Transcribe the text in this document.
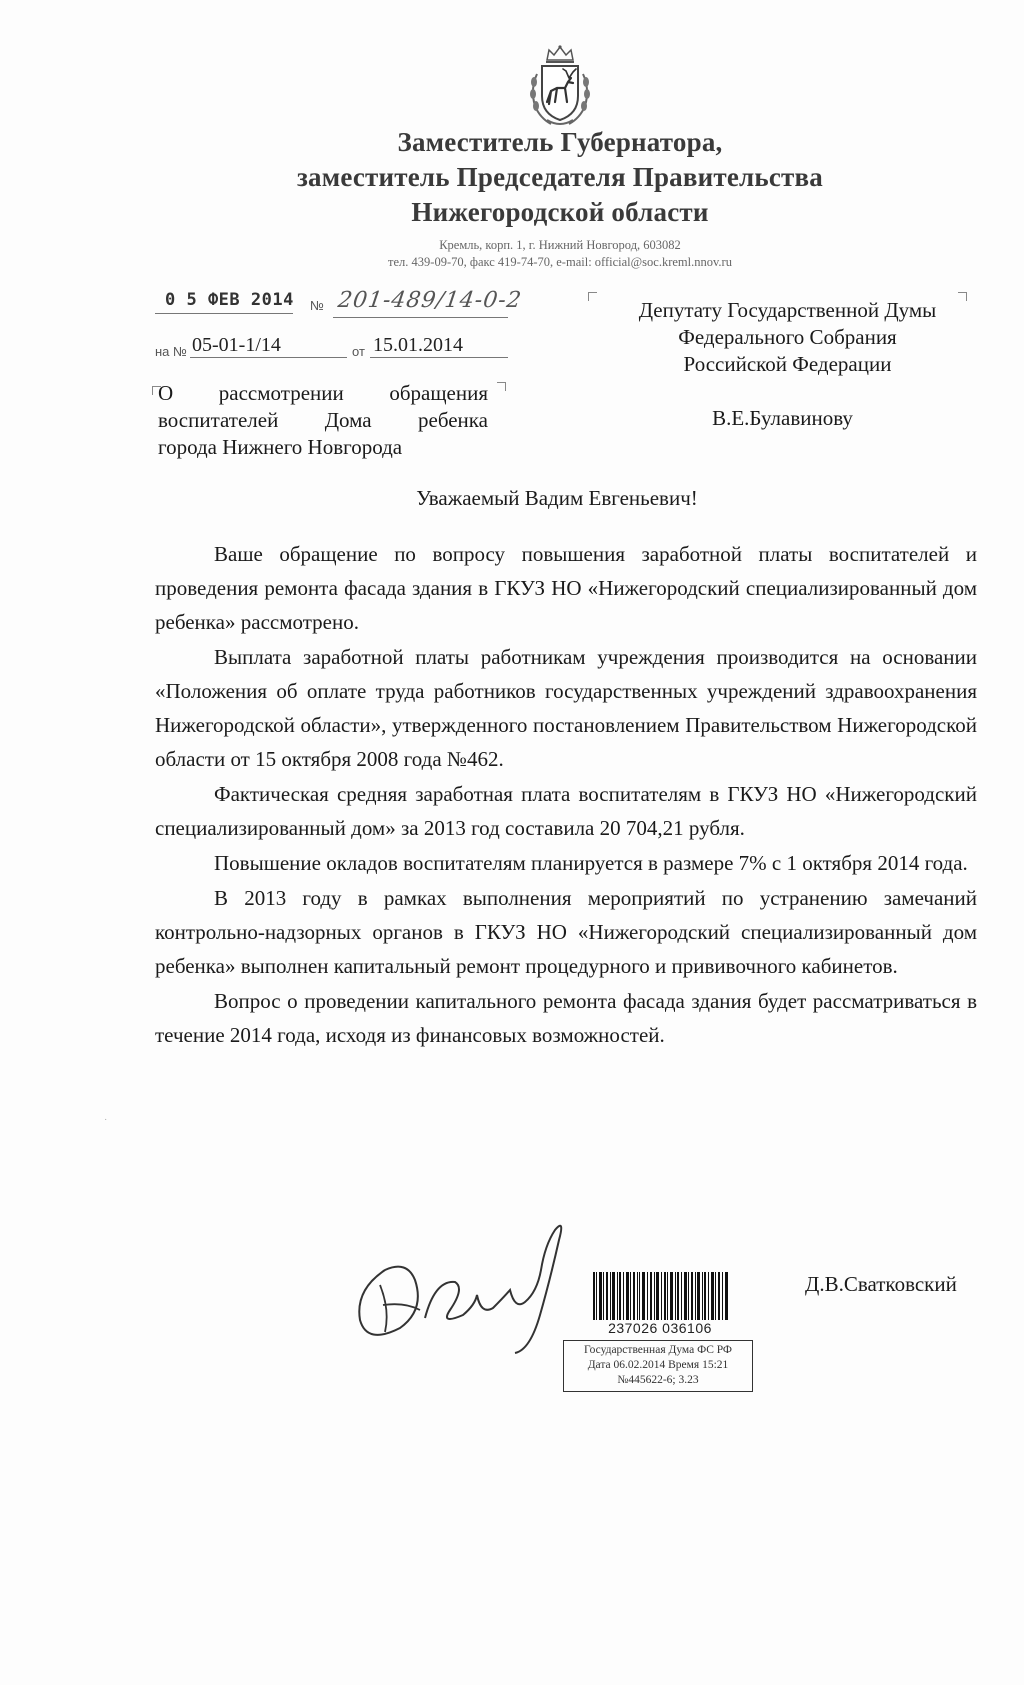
Заместитель Губернатора,
заместитель Председателя Правительства
Нижегородской области
Кремль, корп. 1, г. Нижний Новгород, 603082
тел. 439-09-70, факс 419-74-70, e-mail: official@soc.kreml.nnov.ru
0 5 ФЕВ 2014 № 201-489/14-0-2
на № 05-01-1/14	от 15.01.2014
Депутату Государственной Думы
Федерального Собрания
Российской Федерации
В.Е.Булавинову
О рассмотрении обращения
воспитателей Дома ребенка
города Нижнего Новгорода
Уважаемый Вадим Евгеньевич!

Ваше обращение по вопросу повышения заработной платы воспитателей и проведения ремонта фасада здания в ГКУЗ НО «Нижегородский специализированный дом ребенка» рассмотрено.

Выплата заработной платы работникам учреждения производится на основании «Положения об оплате труда работников государственных учреждений здравоохранения Нижегородской области», утвержденного постановлением Правительством Нижегородской области от 15 октября 2008 года №462.

Фактическая средняя заработная плата воспитателям в ГКУЗ НО «Нижегородский специализированный дом» за 2013 год составила 20 704,21 рубля.

Повышение окладов воспитателям планируется в размере 7% с 1 октября 2014 года.

В 2013 году в рамках выполнения мероприятий по устранению замечаний контрольно-надзорных органов в ГКУЗ НО «Нижегородский специализированный дом ребенка» выполнен капитальный ремонт процедурного и прививочного кабинетов.

Вопрос о проведении капитального ремонта фасада здания будет рассматриваться в течение 2014 года, исходя из финансовых возможностей.

˙
Д.В.Сватковский
237026 036106
Государственная Дума ФС РФ
Дата 06.02.2014 Время 15:21
№445622-6; 3.23
